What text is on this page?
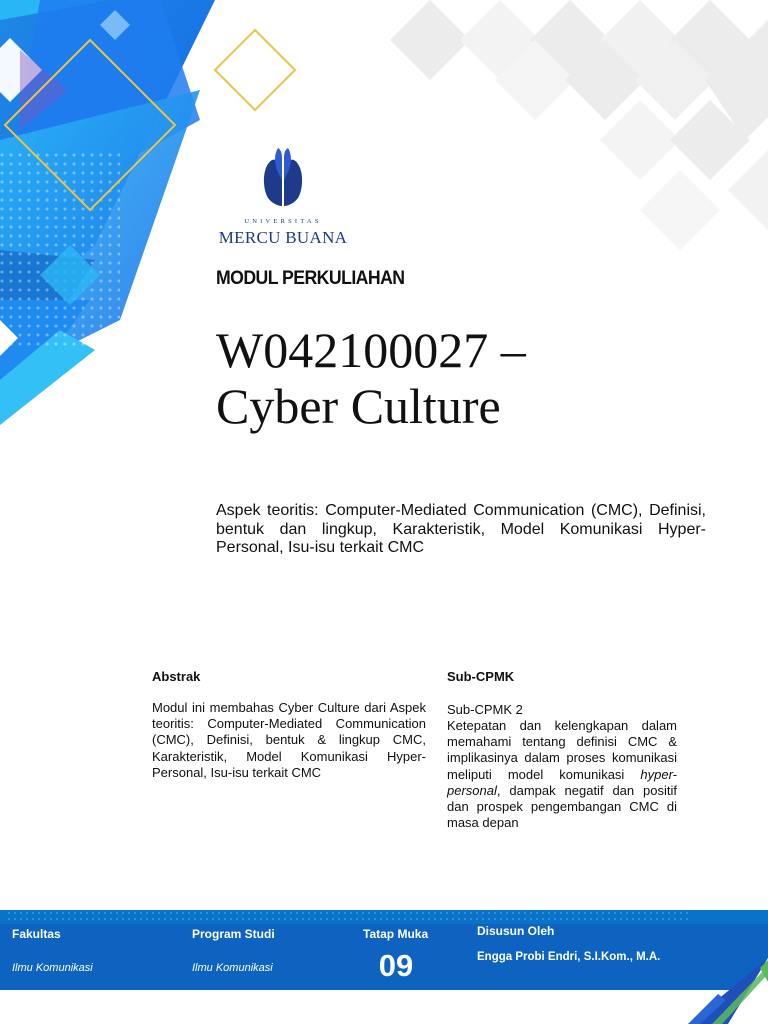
UNIVERSITAS
MERCU BUANA
MODUL PERKULIAHAN
W042100027 –
Cyber Culture

Aspek teoritis: Computer-Mediated Communication (CMC), Definisi, bentuk dan lingkup, Karakteristik, Model Komunikasi Hyper-Personal, Isu-isu terkait CMC

Abstrak

Modul ini membahas Cyber Culture dari Aspek teoritis: Computer-Mediated Communication (CMC), Definisi, bentuk & lingkup CMC, Karakteristik, Model Komunikasi Hyper-Personal, Isu-isu terkait CMC

Sub-CPMK

Sub-CPMK 2

Ketepatan dan kelengkapan dalam memahami tentang definisi CMC & implikasinya dalam proses komunikasi meliputi model komunikasi hyper-personal, dampak negatif dan positif dan prospek pengembangan CMC di masa depan

Fakultas

Ilmu Komunikasi

Program Studi

Ilmu Komunikasi

Tatap Muka

09

Disusun Oleh

Engga Probi Endri, S.I.Kom., M.A.
